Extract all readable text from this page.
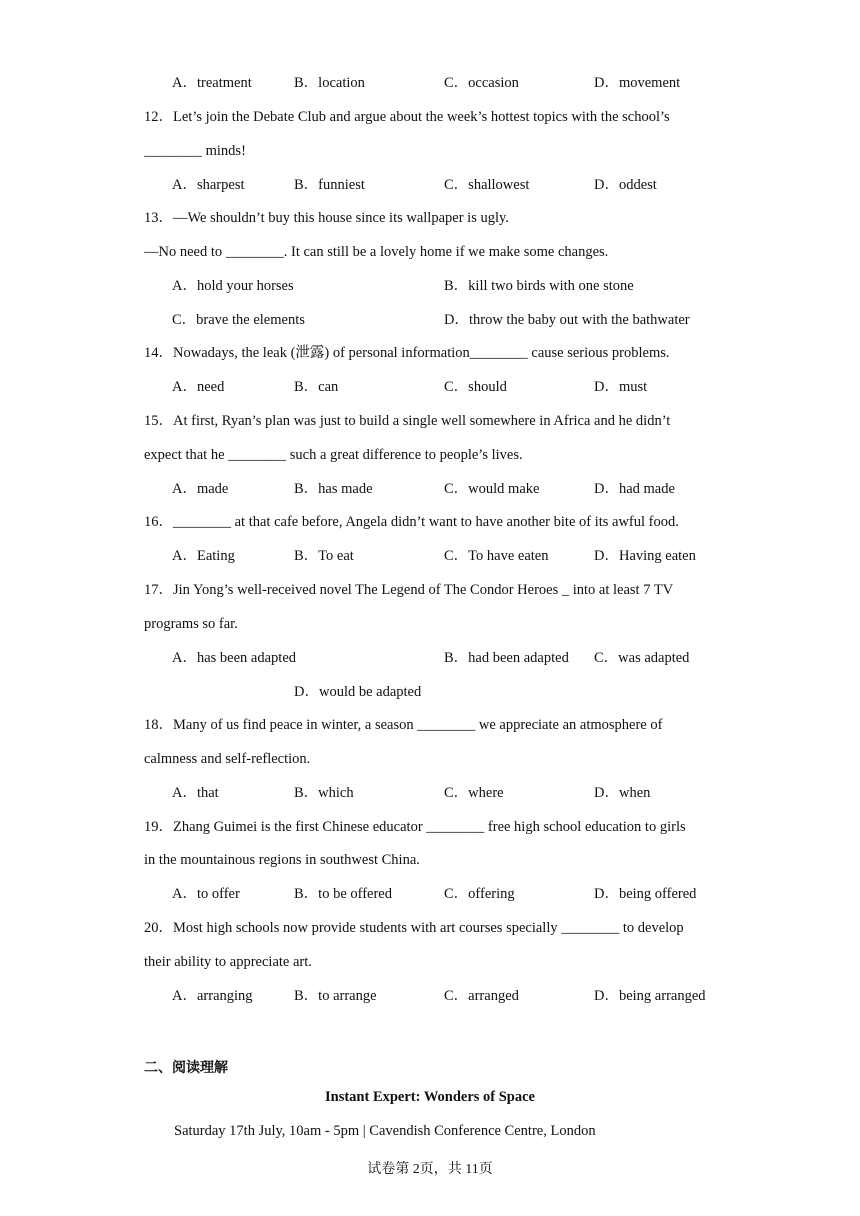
A．treatment	B．location	C．occasion	D．movement
12．Let’s join the Debate Club and argue about the week’s hottest topics with the school’s
________ minds!
A．sharpest	B．funniest	C．shallowest	D．oddest
13．—We shouldn’t buy this house since its wallpaper is ugly.
—No need to ________. It can still be a lovely home if we make some changes.
A．hold your horses	B．kill two birds with one stone
C．brave the elements	D．throw the baby out with the bathwater
14．Nowadays, the leak (泄露) of personal information________ cause serious problems.
A．need	B．can	C．should	D．must
15．At first, Ryan’s plan was just to build a single well somewhere in Africa and he didn’t
expect that he ________ such a great difference to people’s lives.
A．made	B．has made	C．would make	D．had made
16．________ at that cafe before, Angela didn’t want to have another bite of its awful food.
A．Eating	B．To eat	C．To have eaten	D．Having eaten
17．Jin Yong’s well-received novel The Legend of The Condor Heroes _ into at least 7 TV
programs so far.
A．has been adapted	B．had been adapted C．was adapted
D．would be adapted
18．Many of us find peace in winter, a season ________ we appreciate an atmosphere of
calmness and self-reflection.
A．that	B．which	C．where	D．when
19．Zhang Guimei is the first Chinese educator ________ free high school education to girls
in the mountainous regions in southwest China.
A．to offer	B．to be offered	C．offering	D．being offered
20．Most high schools now provide students with art courses specially ________ to develop
their ability to appreciate art.
A．arranging	B．to arrange	C．arranged	D．being arranged
二、阅读理解
Instant Expert: Wonders of Space
Saturday 17th July, 10am - 5pm | Cavendish Conference Centre, London
试卷第 2页，共 11页
